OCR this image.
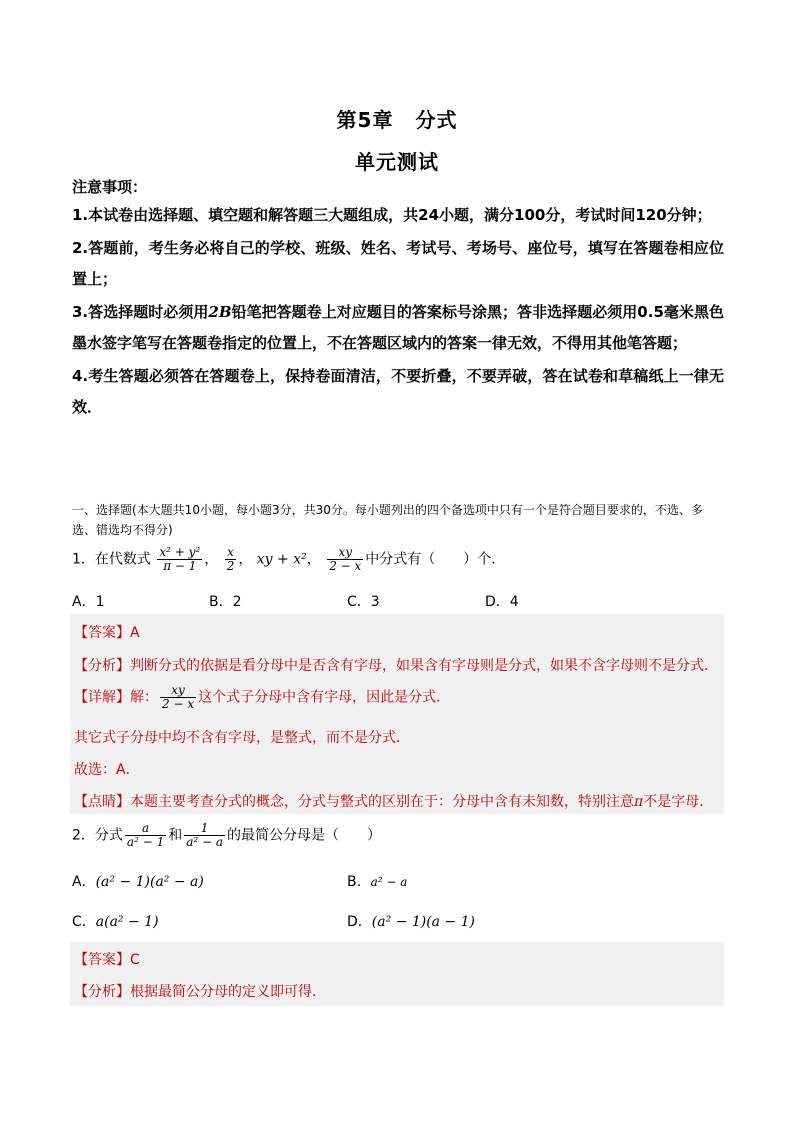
第5章 分式
单元测试
注意事项：
1.本试卷由选择题、填空题和解答题三大题组成，共24小题，满分100分，考试时间120分钟；
2.答题前，考生务必将自己的学校、班级、姓名、考试号、考场号、座位号，填写在答题卷相应位置上；
3.答选择题时必须用2B铅笔把答题卷上对应题目的答案标号涂黑；答非选择题必须用0.5毫米黑色墨水签字笔写在答题卷指定的位置上，不在答题区域内的答案一律无效，不得用其他笔答题；
4.考生答题必须答在答题卷上，保持卷面清洁，不要折叠，不要弄破，答在试卷和草稿纸上一律无效．
一、选择题(本大题共10小题，每小题3分，共30分。每小题列出的四个备选项中只有一个是符合题目要求的，不选、多选、错选均不得分)
1．在代数式 $\frac{\text{x² + y²}}{\pi - 1}$ ， $\frac{x}{2}$ ， xy + x²， $\frac{xy}{2 - x}$ 中分式有（　　）个．
A．1	B．2	C．3	D．4
【答案】A
【分析】判断分式的依据是看分母中是否含有字母，如果含有字母则是分式，如果不含字母则不是分式．
【详解】解： $\frac{xy}{2 - x}$ 这个式子分母中含有字母，因此是分式．
其它式子分母中均不含有字母，是整式，而不是分式．
故选：A．
【点睛】本题主要考查分式的概念，分式与整式的区别在于：分母中含有未知数，特别注意π不是字母．
2．分式 $\frac{a}{\text{a² − 1}}$ 和 $\frac{1}{\text{a² − a}}$ 的最简公分母是（　　）
A．(a² − 1)(a² − a)	B．a² − a
C．a(a² − 1)	D．(a² − 1)(a − 1)
【答案】C
【分析】根据最简公分母的定义即可得．
